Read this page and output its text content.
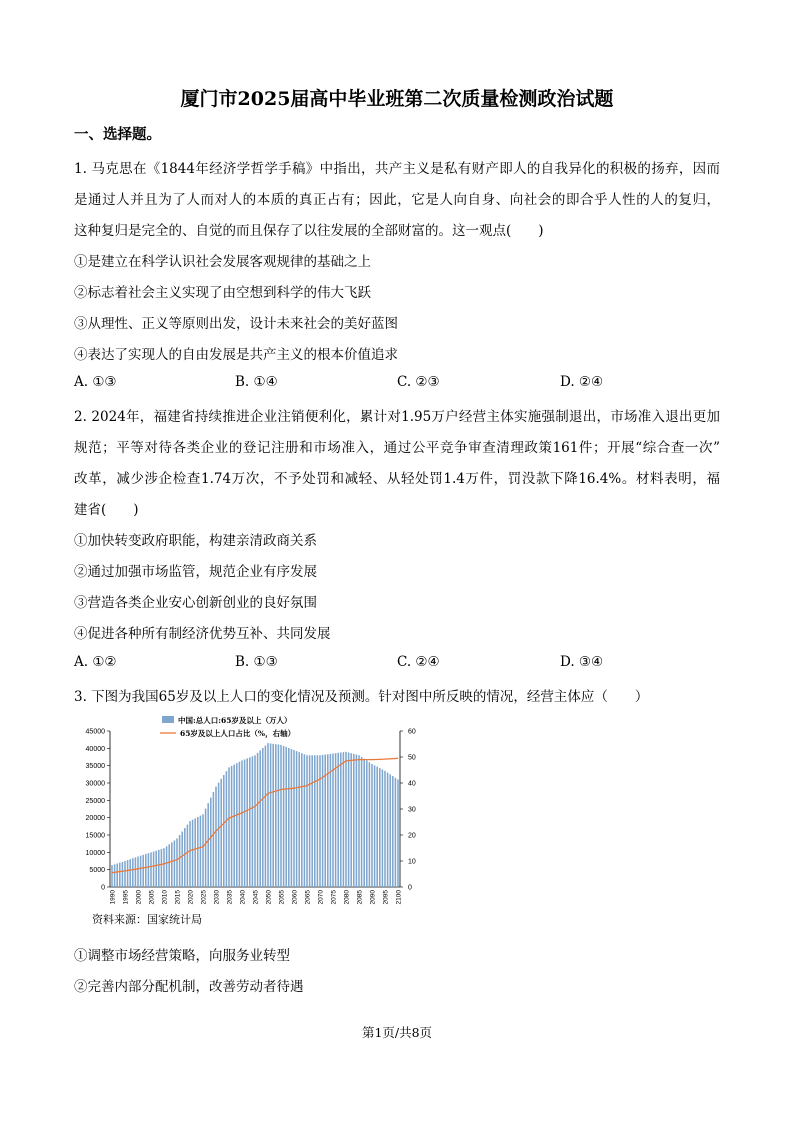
厦门市2025届高中毕业班第二次质量检测政治试题
一、选择题。
1. 马克思在《1844年经济学哲学手稿》中指出，共产主义是私有财产即人的自我异化的积极的扬弃，因而
是通过人并且为了人而对人的本质的真正占有；因此，它是人向自身、向社会的即合乎人性的人的复归，
这种复归是完全的、自觉的而且保存了以往发展的全部财富的。这一观点(　　)
①是建立在科学认识社会发展客观规律的基础之上
②标志着社会主义实现了由空想到科学的伟大飞跃
③从理性、正义等原则出发，设计未来社会的美好蓝图
④表达了实现人的自由发展是共产主义的根本价值追求
A. ①③	B. ①④	C. ②③	D. ②④
2. 2024年，福建省持续推进企业注销便利化，累计对1.95万户经营主体实施强制退出，市场准入退出更加
规范；平等对待各类企业的登记注册和市场准入，通过公平竞争审查清理政策161件；开展“综合查一次”
改革，减少涉企检查1.74万次，不予处罚和减轻、从轻处罚1.4万件，罚没款下降16.4%。材料表明，福
建省(　　)
①加快转变政府职能，构建亲清政商关系
②通过加强市场监管，规范企业有序发展
③营造各类企业安心创新创业的良好氛围
④促进各种所有制经济优势互补、共同发展
A. ①②	B. ①③	C. ②④	D. ③④
3. 下图为我国65岁及以上人口的变化情况及预测。针对图中所反映的情况，经营主体应（　　）
0
5000
10000
15000
20000
25000
30000
35000
40000
45000
0
10
20
30
40
50
60
1990 1995 2000 2005 2010 2015 2020 2025 2030 2035 2040 2045 2050 2055 2060 2065 2070 2075 2080 2085 2090 2095 2100
中国:总人口:65岁及以上（万人）
65岁及以上人口占比（%，右轴）
资料来源：国家统计局
①调整市场经营策略，向服务业转型
②完善内部分配机制，改善劳动者待遇
第1页/共8页
